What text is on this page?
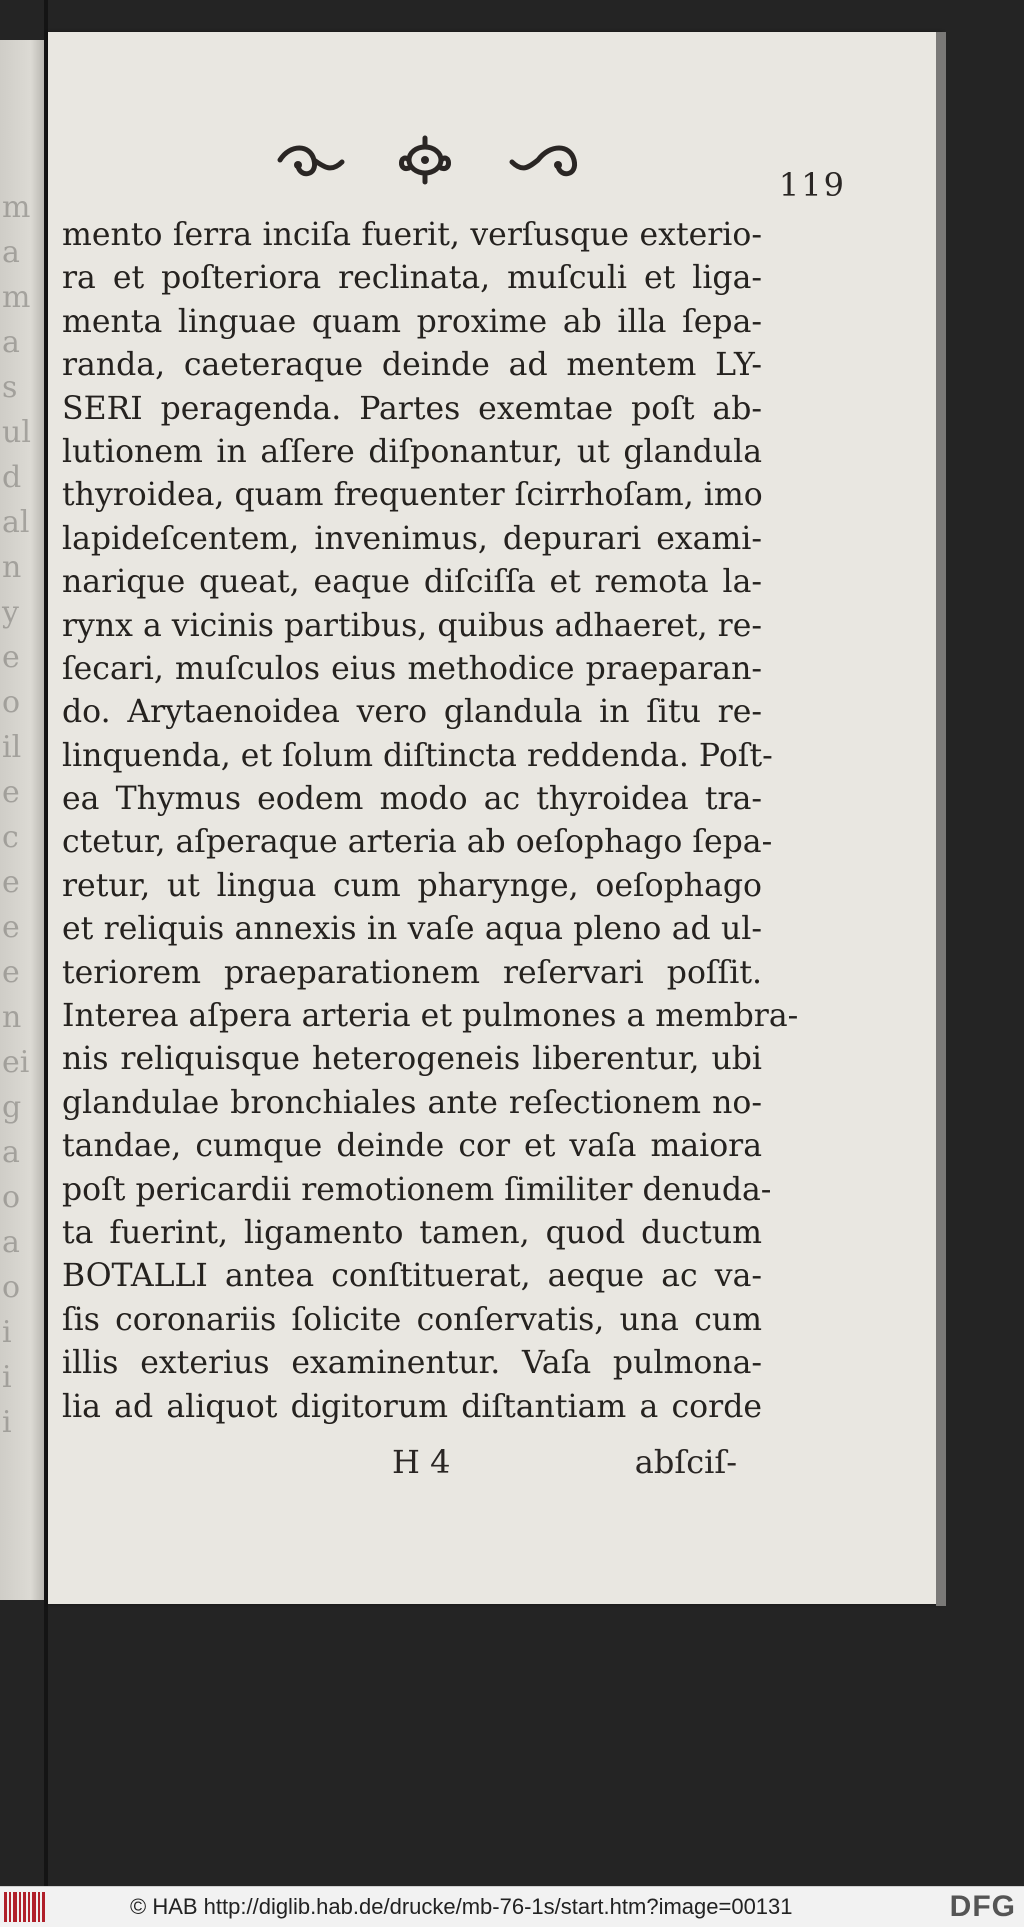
m
a
m
a
s
ul
d
al
n
y
e
o
il
e
c
e
e
e
n
ei
g
a
o
a
o
i
i
i
119
mento ſerra inciſa fuerit, verſusque exterio-
ra et poſteriora reclinata, muſculi et liga-
menta linguae quam proxime ab illa ſepa-
randa, caeteraque deinde ad mentem LY-
SERI peragenda. Partes exemtae poſt ab-
lutionem in aſſere diſponantur, ut glandula
thyroidea, quam frequenter ſcirrhoſam, imo
lapideſcentem, invenimus, depurari exami-
narique queat, eaque diſciſſa et remota la-
rynx a vicinis partibus, quibus adhaeret, re-
ſecari, muſculos eius methodice praeparan-
do. Arytaenoidea vero glandula in ſitu re-
linquenda, et ſolum diſtincta reddenda. Poſt-
ea Thymus eodem modo ac thyroidea tra-
ctetur, aſperaque arteria ab oeſophago ſepa-
retur, ut lingua cum pharynge, oeſophago
et reliquis annexis in vaſe aqua pleno ad ul-
teriorem praeparationem reſervari poſſit.
Interea aſpera arteria et pulmones a membra-
nis reliquisque heterogeneis liberentur, ubi
glandulae bronchiales ante reſectionem no-
tandae, cumque deinde cor et vaſa maiora
poſt pericardii remotionem ſimiliter denuda-
ta fuerint, ligamento tamen, quod ductum
BOTALLI antea conſtituerat, aeque ac va-
ſis coronariis ſolicite conſervatis, una cum
illis exterius examinentur. Vaſa pulmona-
lia ad aliquot digitorum diſtantiam a corde
H 4	abſciſ-
© HAB http://diglib.hab.de/drucke/mb-76-1s/start.htm?image=00131	DFG
